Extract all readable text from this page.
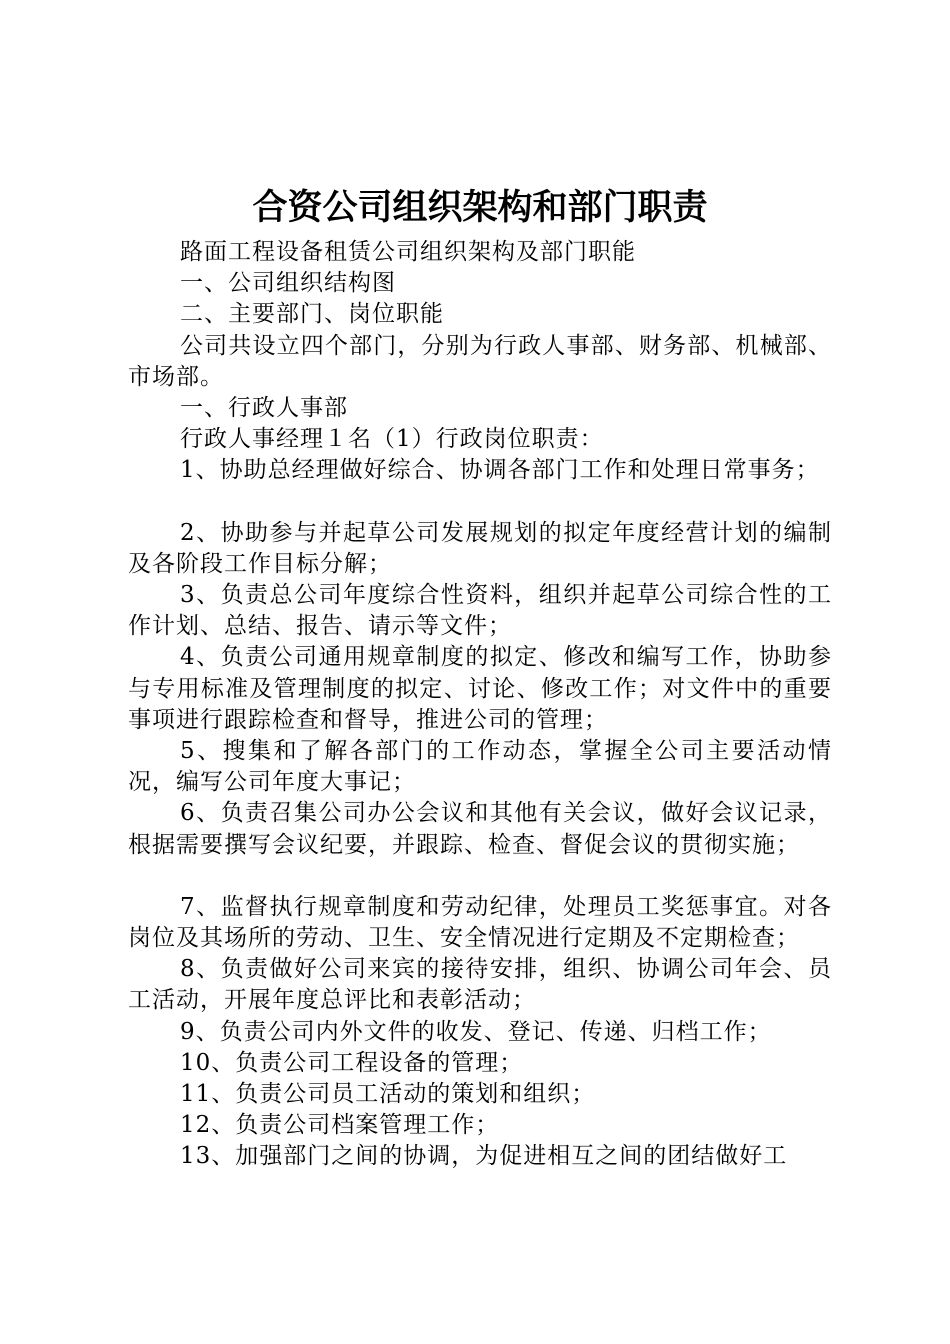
合资公司组织架构和部门职责

路面工程设备租赁公司组织架构及部门职能

一、公司组织结构图

二、主要部门、岗位职能

公司共设立四个部门，分别为行政人事部、财务部、机械部、市场部。

一、行政人事部

行政人事经理１名（1）行政岗位职责：

1、协助总经理做好综合、协调各部门工作和处理日常事务；

2、协助参与并起草公司发展规划的拟定年度经营计划的编制及各阶段工作目标分解；

3、负责总公司年度综合性资料，组织并起草公司综合性的工作计划、总结、报告、请示等文件；

4、负责公司通用规章制度的拟定、修改和编写工作，协助参与专用标准及管理制度的拟定、讨论、修改工作；对文件中的重要事项进行跟踪检查和督导，推进公司的管理；

5、搜集和了解各部门的工作动态，掌握全公司主要活动情况，编写公司年度大事记；

6、负责召集公司办公会议和其他有关会议，做好会议记录，根据需要撰写会议纪要，并跟踪、检查、督促会议的贯彻实施；

7、监督执行规章制度和劳动纪律，处理员工奖惩事宜。对各岗位及其场所的劳动、卫生、安全情况进行定期及不定期检查；

8、负责做好公司来宾的接待安排，组织、协调公司年会、员工活动，开展年度总评比和表彰活动；

9、负责公司内外文件的收发、登记、传递、归档工作；

10、负责公司工程设备的管理；

11、负责公司员工活动的策划和组织；

12、负责公司档案管理工作；

13、加强部门之间的协调，为促进相互之间的团结做好工
